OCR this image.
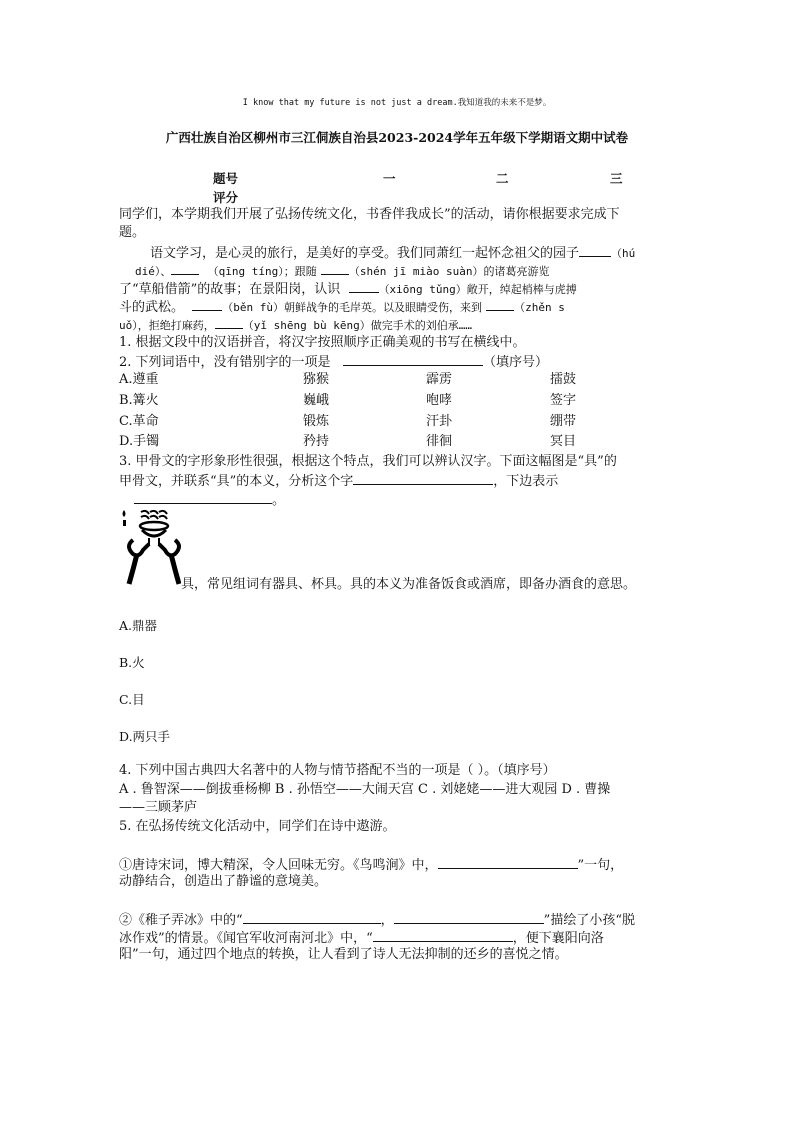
I know that my future is not just a dream.我知道我的未来不是梦。
广西壮族自治区柳州市三江侗族自治县2023-2024学年五年级下学期语文期中试卷
题号	一	二	三
评分
同学们，本学期我们开展了弘扬传统文化，书香伴我成长”的活动，请你根据要求完成下
题。
语文学习，是心灵的旅行，是美好的享受。我们同萧红一起怀念祖父的园子	（hú
dié）、	（qīng tíng）；跟随	（shén jī miào suàn）的诸葛亮游览
了“草船借箭”的故事；在景阳岗，认识	（xiōng tǔng）敞开，绰起梢棒与虎搏
斗的武松。	（běn fù）朝鲜战争的毛岸英。以及眼睛受伤，来到	（zhěn s
uǒ），拒绝打麻药，	（yǐ shēng bù kēng）做完手术的刘伯承……
1. 根据文段中的汉语拼音，将汉字按照顺序正确美观的书写在横线中。
2. 下列词语中，没有错别字的一项是	（填序号）
A.遵重	猕猴	霹雳	擂鼓
B.篝火	巍峨	咆哮	签字
C.革命	锻炼	汗卦	绷带
D.手镯	矜持	徘徊	冥目
3. 甲骨文的字形象形性很强，根据这个特点，我们可以辨认汉字。下面这幅图是“具”的
甲骨文，并联系“具”的本义，分析这个字	，下边表示
。
具，常见组词有器具、杯具。具的本义为准备饭食或酒席，即备办酒食的意思。
A.鼎器
B.火
C.目
D.两只手
4. 下列中国古典四大名著中的人物与情节搭配不当的一项是（ ）。（填序号）
A . 鲁智深——倒拔垂杨柳 B . 孙悟空——大闹天宫 C . 刘姥姥——进大观园 D . 曹操
——三顾茅庐
5. 在弘扬传统文化活动中，同学们在诗中遨游。
①唐诗宋词，博大精深，令人回味无穷。《鸟鸣涧》中，	”一句，
动静结合，创造出了静谧的意境美。
②《稚子弄冰》中的“	，	”描绘了小孩“脱
冰作戏”的情景。《闻官军收河南河北》中，“	，便下襄阳向洛
阳”一句，通过四个地点的转换，让人看到了诗人无法抑制的还乡的喜悦之情。
